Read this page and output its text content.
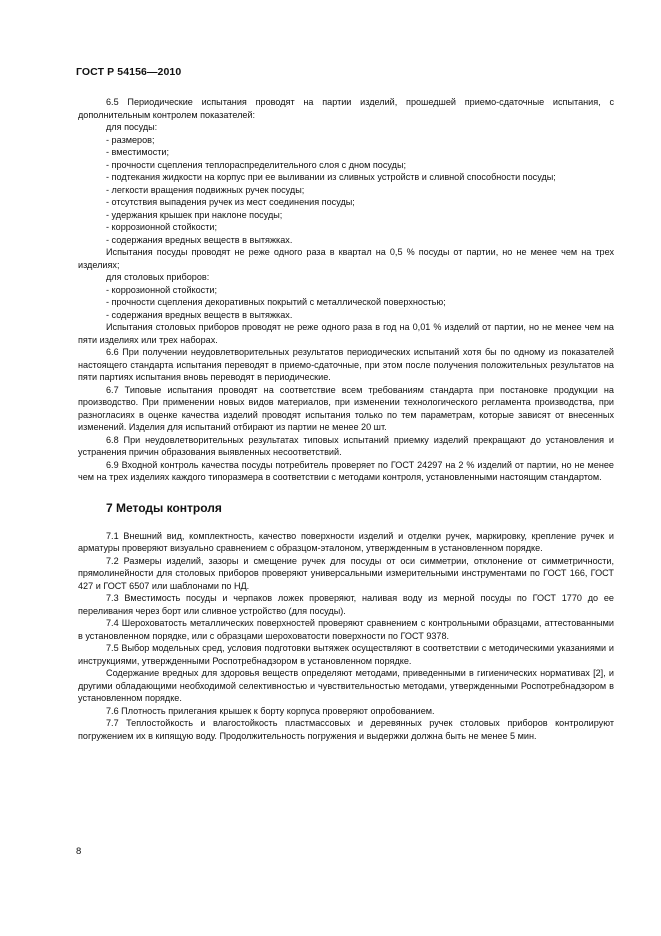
ГОСТ Р 54156—2010

6.5 Периодические испытания проводят на партии изделий, прошедшей приемо-сдаточные испытания, с дополнительным контролем показателей:

для посуды:

- размеров;

- вместимости;

- прочности сцепления теплораспределительного слоя с дном посуды;

- подтекания жидкости на корпус при ее выливании из сливных устройств и сливной способности посуды;

- легкости вращения подвижных ручек посуды;

- отсутствия выпадения ручек из мест соединения посуды;

- удержания крышек при наклоне посуды;

- коррозионной стойкости;

- содержания вредных веществ в вытяжках.

Испытания посуды проводят не реже одного раза в квартал на 0,5 % посуды от партии, но не менее чем на трех изделиях;

для столовых приборов:

- коррозионной стойкости;

- прочности сцепления декоративных покрытий с металлической поверхностью;

- содержания вредных веществ в вытяжках.

Испытания столовых приборов проводят не реже одного раза в год на 0,01 % изделий от партии, но не менее чем на пяти изделиях или трех наборах.

6.6 При получении неудовлетворительных результатов периодических испытаний хотя бы по одному из показателей настоящего стандарта испытания переводят в приемо-сдаточные, при этом после получения положительных результатов на пяти партиях испытания вновь переводят в периодические.

6.7 Типовые испытания проводят на соответствие всем требованиям стандарта при постановке продукции на производство. При применении новых видов материалов, при изменении технологического регламента производства, при разногласиях в оценке качества изделий проводят испытания только по тем параметрам, которые зависят от внесенных изменений. Изделия для испытаний отбирают из партии не менее 20 шт.

6.8 При неудовлетворительных результатах типовых испытаний приемку изделий прекращают до установления и устранения причин образования выявленных несоответствий.

6.9 Входной контроль качества посуды потребитель проверяет по ГОСТ 24297 на 2 % изделий от партии, но не менее чем на трех изделиях каждого типоразмера в соответствии с методами контроля, установленными настоящим стандартом.

7 Методы контроля

7.1 Внешний вид, комплектность, качество поверхности изделий и отделки ручек, маркировку, крепление ручек и арматуры проверяют визуально сравнением с образцом-эталоном, утвержденным в установленном порядке.

7.2 Размеры изделий, зазоры и смещение ручек для посуды от оси симметрии, отклонение от симметричности, прямолинейности для столовых приборов проверяют универсальными измерительными инструментами по ГОСТ 166, ГОСТ 427 и ГОСТ 6507 или шаблонами по НД.

7.3 Вместимость посуды и черпаков ложек проверяют, наливая воду из мерной посуды по ГОСТ 1770 до ее переливания через борт или сливное устройство (для посуды).

7.4 Шероховатость металлических поверхностей проверяют сравнением с контрольными образцами, аттестованными в установленном порядке, или с образцами шероховатости поверхности по ГОСТ 9378.

7.5 Выбор модельных сред, условия подготовки вытяжек осуществляют в соответствии с методическими указаниями и инструкциями, утвержденными Роспотребнадзором в установленном порядке.

Содержание вредных для здоровья веществ определяют методами, приведенными в гигиенических нормативах [2], и другими обладающими необходимой селективностью и чувствительностью методами, утвержденными Роспотребнадзором в установленном порядке.

7.6 Плотность прилегания крышек к борту корпуса проверяют опробованием.

7.7 Теплостойкость и влагостойкость пластмассовых и деревянных ручек столовых приборов контролируют погружением их в кипящую воду. Продолжительность погружения и выдержки должна быть не менее 5 мин.

8
